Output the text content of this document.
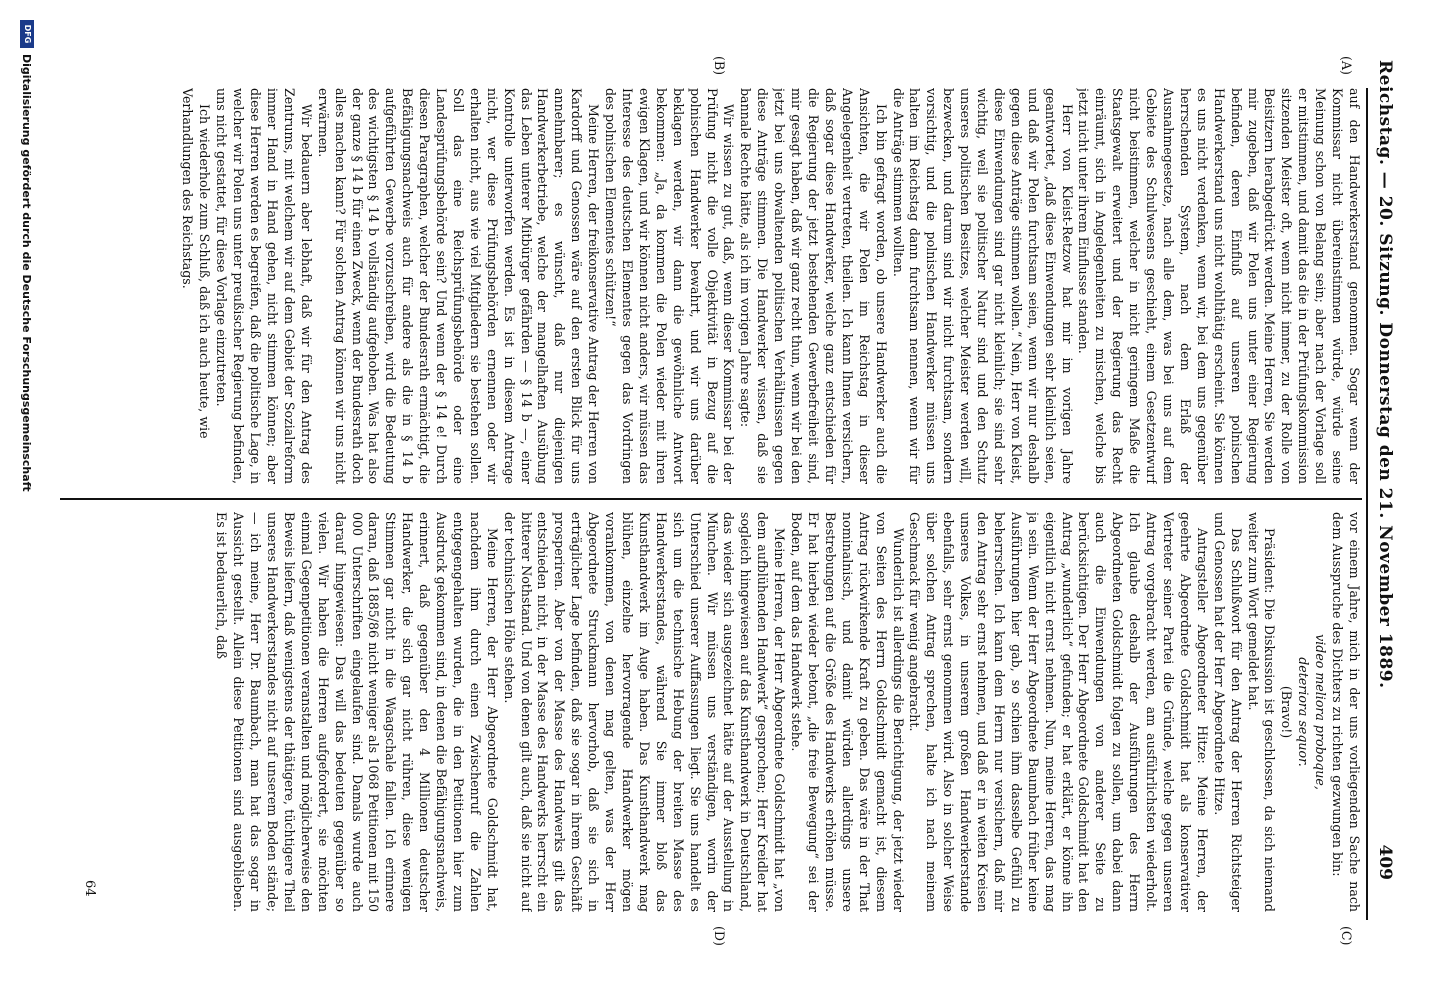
Reichstag. — 20. Sitzung. Donnerstag den 21. November 1889.
409
(A)
(B)
(C)
(D)

auf den Handwerkerstand genommen. Sogar wenn der Kommissar nicht übereinstimmen würde, würde seine Meinung schon von Belang sein; aber nach der Vorlage soll er mitstimmen, und damit das die in der Prüfungskommission sitzenden Meister oft, wenn nicht immer, zu der Rolle von Beisitzern herabgedrückt werden. Meine Herren, Sie werden mir zugeben, daß wir Polen uns unter einer Regierung befinden, deren Einfluß auf unseren polnischen Handwerkerstand uns nicht wohlthätig erscheint. Sie können es uns nicht verdenken, wenn wir, bei dem uns gegenüber herrschenden System, nach dem Erlaß der Ausnahmegesetze, nach alle dem, was bei uns auf dem Gebiete des Schulwesens geschieht, einem Gesetzentwurf nicht beistimmen, welcher in nicht geringem Maße die Staatsgewalt erweitert und der Regierung das Recht einräumt, sich in Angelegenheiten zu mischen, welche bis jetzt nicht unter ihrem Einflusse standen.

Herr von Kleist-Retzow hat mir im vorigen Jahre geantwortet, „daß diese Einwendungen sehr kleinlich seien, und daß wir Polen furchtsam seien, wenn wir nur deshalb gegen diese Anträge stimmen wollen.“ Nein, Herr von Kleist, diese Einwendungen sind gar nicht kleinlich; sie sind sehr wichtig, weil sie politischer Natur sind und den Schutz unseres politischen Besitzes, welcher Meister werden will, bezwecken, und darum sind wir nicht furchtsam, sondern vorsichtig, und die polnischen Handwerker müssen uns halten im Reichstag dann furchtsam nennen, wenn wir für die Anträge stimmen wollten.

Ich bin gefragt worden, ob unsere Handwerker auch die Ansichten, die wir Polen im Reichstag in dieser Angelegenheit vertreten, theilen. Ich kann Ihnen versichern, daß sogar diese Handwerker, welche ganz entschieden für die Regierung der jetzt bestehenden Gewerbefreiheit sind, mir gesagt haben, daß wir ganz recht thun, wenn wir bei den jetzt bei uns obwaltenden politischen Verhältnissen gegen diese Anträge stimmen. Die Handwerker wissen, daß sie bannale Rechte hätte, als ich im vorigen Jahre sagte:

Wir wissen zu gut, daß, wenn dieser Kommissar bei der Prüfung nicht die volle Objektivität in Bezug auf die polnischen Handwerker bewahrt, und wir uns darüber beklagen werden, wir dann die gewöhnliche Antwort bekommen: „Ja, da kommen die Polen wieder mit ihren ewigen Klagen, und wir können nicht anders, wir müssen das Interesse des deutschen Elementes gegen das Vordringen des polnischen Elementes schützen!“

Meine Herren, der freikonservative Antrag der Herren von Kardorff und Genossen wäre auf den ersten Blick für uns annehmbarer; es wünscht, daß nur diejenigen Handwerkerbetriebe, welche der mangelhaften Ausübung das Leben unterer Mitbürger gefährden — § 14 b —, einer Kontrolle unterworfen werden. Es ist in diesem Antrage nicht, wer diese Prüfungsbehörden ernennen oder wir erhalten nicht, aus wie viel Mitgliedern sie bestehen sollen. Soll das eine Reichsprüfungsbehörde oder eine Landesprüfungsbehörde sein? Und wenn der § 14 e! Durch diesen Paragraphen, welcher der Bundesrath ermächtigt, die Befähigungsnachweis auch für andere als die in § 14 b aufgeführten Gewerbe vorzuschreiben, wird die Bedeutung des wichtigsten § 14 b vollständig aufgehoben. Was hat also der ganze § 14 b für einen Zweck, wenn der Bundesrath doch alles machen kann? Für solchen Antrag können wir uns nicht erwärmen.

Wir bedauern aber lebhaft, daß wir für den Antrag des Zentrums, mit welchem wir auf dem Gebiet der Sozialreform immer Hand in Hand gehen, nicht stimmen können; aber diese Herren werden es begreifen, daß die politische Lage, in welcher wir Polen uns unter preußischer Regierung befinden, uns nicht gestattet, für diese Vorlage einzutreten.

Ich wiederhole zum Schluß, daß ich auch heute, wie

Verhandlungen des Reichstags.

vor einem Jahre, mich in der uns vorliegenden Sache nach dem Ausspruche des Dichters zu richten gezwungen bin:

video meliora proboque,

deteriora sequor.

(Bravo!)

Präsident: Die Diskussion ist geschlossen, da sich niemand weiter zum Wort gemeldet hat.

Das Schlußwort für den Antrag der Herren Richtsteiger und Genossen hat der Herr Abgeordnete Hitze.

Antragsteller Abgeordneter Hitze: Meine Herren, der geehrte Abgeordnete Goldschmidt hat als konservativer Vertreter seiner Partei die Gründe, welche gegen unseren Antrag vorgebracht werden, am ausführlichsten wiederholt. Ich glaube deshalb der Ausführungen des Herrn Abgeordneten Goldschmidt folgen zu sollen, um dabei dann auch die Einwendungen von anderer Seite zu berücksichtigen. Der Herr Abgeordnete Goldschmidt hat den Antrag „wunderlich“ gefunden; er hat erklärt, er könne ihn eigentlich nicht ernst nehmen. Nun, meine Herren, das mag ja sein. Wenn der Herr Abgeordnete Baumbach früher keine Ausführungen hier gab, so schien ihm dasselbe Gefühl zu beherrschen. Ich kann dem Herrn nur versichern, daß mir den Antrag sehr ernst nehmen, und daß er in weiten Kreisen unseres Volkes, in unserem großen Handwerkerstande ebenfalls, sehr ernst genommen wird. Also in solcher Weise über solchen Antrag sprechen, halte ich nach meinem Geschmack für wenig angebracht.

Wunderlich ist allerdings die Berichtigung, der jetzt wieder von Seiten des Herrn Goldschmidt gemacht ist, diesem Antrag rückwirkende Kraft zu geben. Das wäre in der That nominalnisch, und damit würden allerdings unsere Bestrebungen auf die Größe des Handwerks erhöhen müsse. Er hat hierbei wieder betont, „die freie Bewegung“ sei der Boden, auf dem das Handwerk stehe.

Meine Herren, der Herr Abgeordnete Goldschmidt hat „von dem aufblühenden Handwerk“ gesprochen; Herr Kreidler hat sogleich hingewiesen auf das Kunsthandwerk in Deutschland, das wieder sich ausgezeichnet hätte auf der Ausstellung in München. Wir müssen uns verständigen, worin der Unterschied unserer Auffassungen liegt. Sie uns handelt es sich um die technische Hebung der breiten Masse des Handwerkerstandes, während Sie immer bloß das Kunsthandwerk im Auge haben. Das Kunsthandwerk mag blühen, einzelne hervorragende Handwerker mögen vorankommen, von denen mag gelten, was der Herr Abgeordnete Struckmann hervorhob, daß sie sich in erträglicher Lage befinden, daß sie sogar in ihrem Geschäft prosperiren. Aber von der Masse des Handwerks gilt das entschieden nicht, in der Masse des Handwerks herrscht ein bitterer Nothstand. Und von denen gilt auch, daß sie nicht auf der technischen Höhe stehen.

Meine Herren, der Herr Abgeordnete Goldschmidt hat, nachdem ihm durch einen Zwischenruf die Zahlen entgegengehalten wurden, die in den Petitionen hier zum Ausdruck gekommen sind, in denen die Befähigungsnachweis, erinnert, daß gegenüber den 4 Millionen deutscher Handwerker, die sich gar nicht rühren, diese wenigen Stimmen gar nicht in die Waagschale fallen. Ich erinnere daran, daß 1885/86 nicht weniger als 1068 Petitionen mit 150 000 Unterschriften eingelaufen sind. Damals wurde auch darauf hingewiesen: Das will das bedeuten gegenüber so vielen. Wir haben die Herren aufgefordert, sie möchten einmal Gegenpetitionen veranstalten und möglicherweise den Beweis liefern, daß wenigstens der thätigere, tüchtigere Theil unseres Handwerkerstandes nicht auf unserem Boden stände; — ich meine, Herr Dr. Baumbach, man hat das sogar in Aussicht gestellt. Allein diese Petitionen sind ausgeblieben. Es ist bedauerlich, daß

64
DFG
Digitalisierung gefördert durch die Deutsche Forschungsgemeinschaft
